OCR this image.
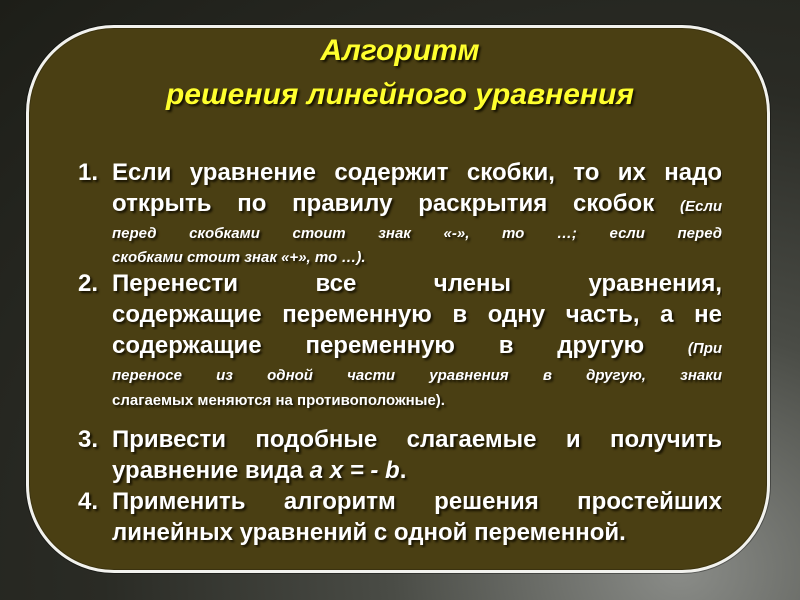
Алгоритм
решения линейного уравнения
1. Если уравнение содержит скобки, то их надо
открыть по правилу раскрытия скобок (Если
перед скобками стоит знак «-», то …; если перед
скобками стоит знак «+», то …).
2. Перенести все члены уравнения,
содержащие переменную в одну часть, а не
содержащие переменную в другую	(При
переносе из одной части уравнения в другую, знаки
слагаемых меняются на противоположные).
3. Привести подобные слагаемые и получить
уравнение вида a x = - b.
4. Применить алгоритм решения простейших
линейных уравнений с одной переменной.
